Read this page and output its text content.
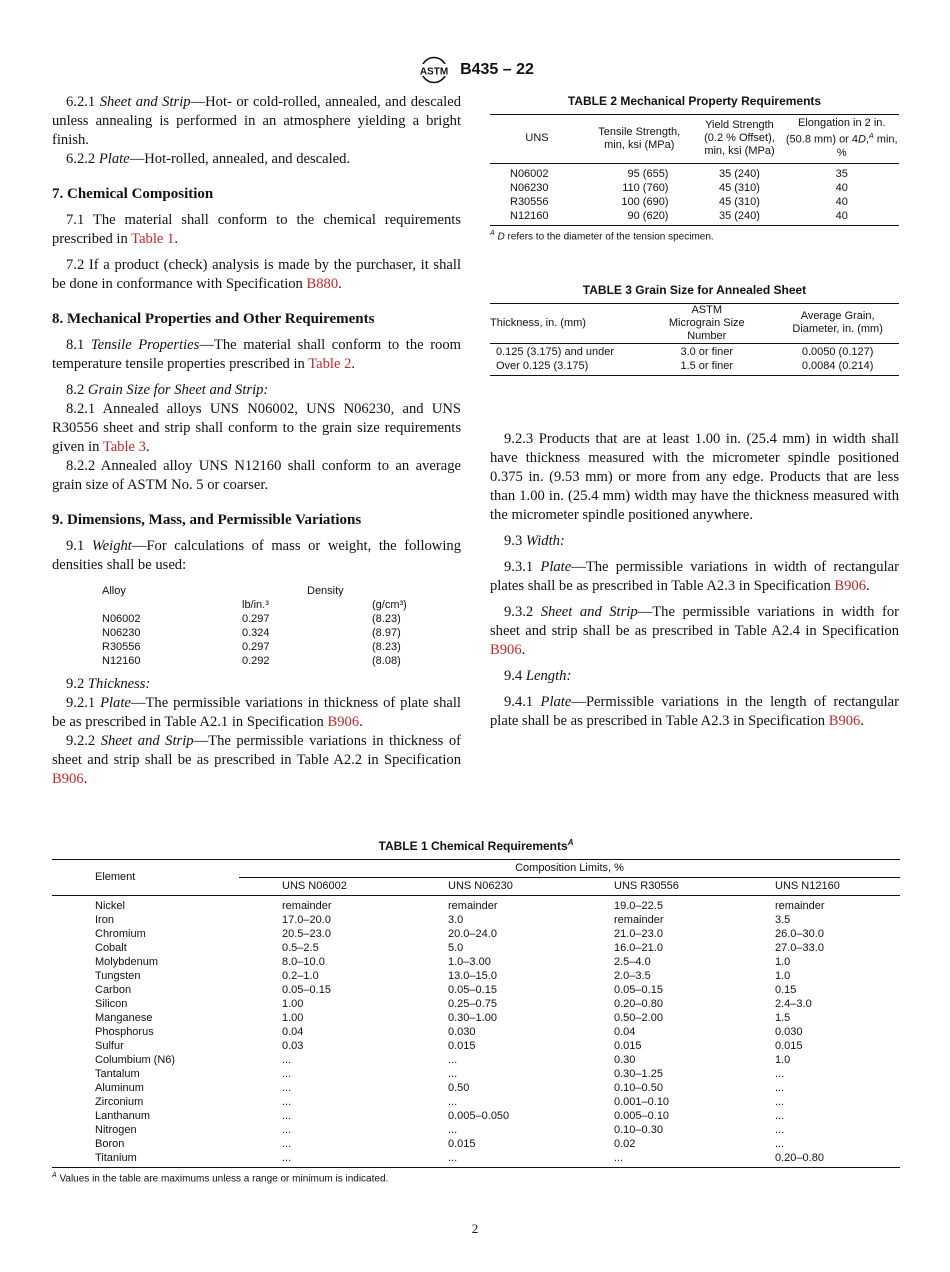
ASTM B435 – 22

6.2.1 Sheet and Strip—Hot- or cold-rolled, annealed, and descaled unless annealing is performed in an atmosphere yielding a bright finish.

6.2.2 Plate—Hot-rolled, annealed, and descaled.

7. Chemical Composition

7.1 The material shall conform to the chemical requirements prescribed in Table 1.

7.2 If a product (check) analysis is made by the purchaser, it shall be done in conformance with Specification B880.

8. Mechanical Properties and Other Requirements

8.1 Tensile Properties—The material shall conform to the room temperature tensile properties prescribed in Table 2.

8.2 Grain Size for Sheet and Strip:

8.2.1 Annealed alloys UNS N06002, UNS N06230, and UNS R30556 sheet and strip shall conform to the grain size requirements given in Table 3.

8.2.2 Annealed alloy UNS N12160 shall conform to an average grain size of ASTM No. 5 or coarser.

9. Dimensions, Mass, and Permissible Variations

9.1 Weight—For calculations of mass or weight, the following densities shall be used:

	Alloy	Density	
		lb/in.³	(g/cm³)
	N06002	0.297	(8.23)
	N06230	0.324	(8.97)
	R30556	0.297	(8.23)
	N12160	0.292	(8.08)

9.2 Thickness:

9.2.1 Plate—The permissible variations in thickness of plate shall be as prescribed in Table A2.1 in Specification B906.

9.2.2 Sheet and Strip—The permissible variations in thickness of sheet and strip shall be as prescribed in Table A2.2 in Specification B906.

TABLE 2 Mechanical Property Requirements
UNS	Tensile Strength, min, ksi (MPa)	Yield Strength (0.2 % Offset), min, ksi (MPa)	Elongation in 2 in. (50.8 mm) or 4D,$^A$ min, %
N06002	95 (655)	35 (240)	35
N06230	110 (760)	45 (310)	40
R30556	100 (690)	45 (310)	40
N12160	90 (620)	35 (240)	40
$^A$ D refers to the diameter of the tension specimen.
TABLE 3 Grain Size for Annealed Sheet
Thickness, in. (mm)	ASTM Micrograin Size Number	Average Grain, Diameter, in. (mm)
0.125 (3.175) and under	3.0 or finer	0.0050 (0.127)
Over 0.125 (3.175)	1.5 or finer	0.0084 (0.214)

9.2.3 Products that are at least 1.00 in. (25.4 mm) in width shall have thickness measured with the micrometer spindle positioned 0.375 in. (9.53 mm) or more from any edge. Products that are less than 1.00 in. (25.4 mm) width may have the thickness measured with the micrometer spindle positioned anywhere.

9.3 Width:

9.3.1 Plate—The permissible variations in width of rectangular plates shall be as prescribed in Table A2.3 in Specification B906.

9.3.2 Sheet and Strip—The permissible variations in width for sheet and strip shall be as prescribed in Table A2.4 in Specification B906.

9.4 Length:

9.4.1 Plate—Permissible variations in the length of rectangular plate shall be as prescribed in Table A2.3 in Specification B906.

TABLE 1 Chemical Requirements$^A$
Element	Composition Limits, %			
	UNS N06002	UNS N06230	UNS R30556	UNS N12160
Nickel	remainder	remainder	19.0–22.5	remainder
Iron	17.0–20.0	3.0	remainder	3.5
Chromium	20.5–23.0	20.0–24.0	21.0–23.0	26.0–30.0
Cobalt	0.5–2.5	5.0	16.0–21.0	27.0–33.0
Molybdenum	8.0–10.0	1.0–3.00	2.5–4.0	1.0
Tungsten	0.2–1.0	13.0–15.0	2.0–3.5	1.0
Carbon	0.05–0.15	0.05–0.15	0.05–0.15	0.15
Silicon	1.00	0.25–0.75	0.20–0.80	2.4–3.0
Manganese	1.00	0.30–1.00	0.50–2.00	1.5
Phosphorus	0.04	0.030	0.04	0.030
Sulfur	0.03	0.015	0.015	0.015
Columbium (N6)	...	...	0.30	1.0
Tantalum	...	...	0.30–1.25	...
Aluminum	...	0.50	0.10–0.50	...
Zirconium	...	...	0.001–0.10	...
Lanthanum	...	0.005–0.050	0.005–0.10	...
Nitrogen	...	...	0.10–0.30	...
Boron	...	0.015	0.02	...
Titanium	...	...	...	0.20–0.80
$^A$ Values in the table are maximums unless a range or minimum is indicated.
2
